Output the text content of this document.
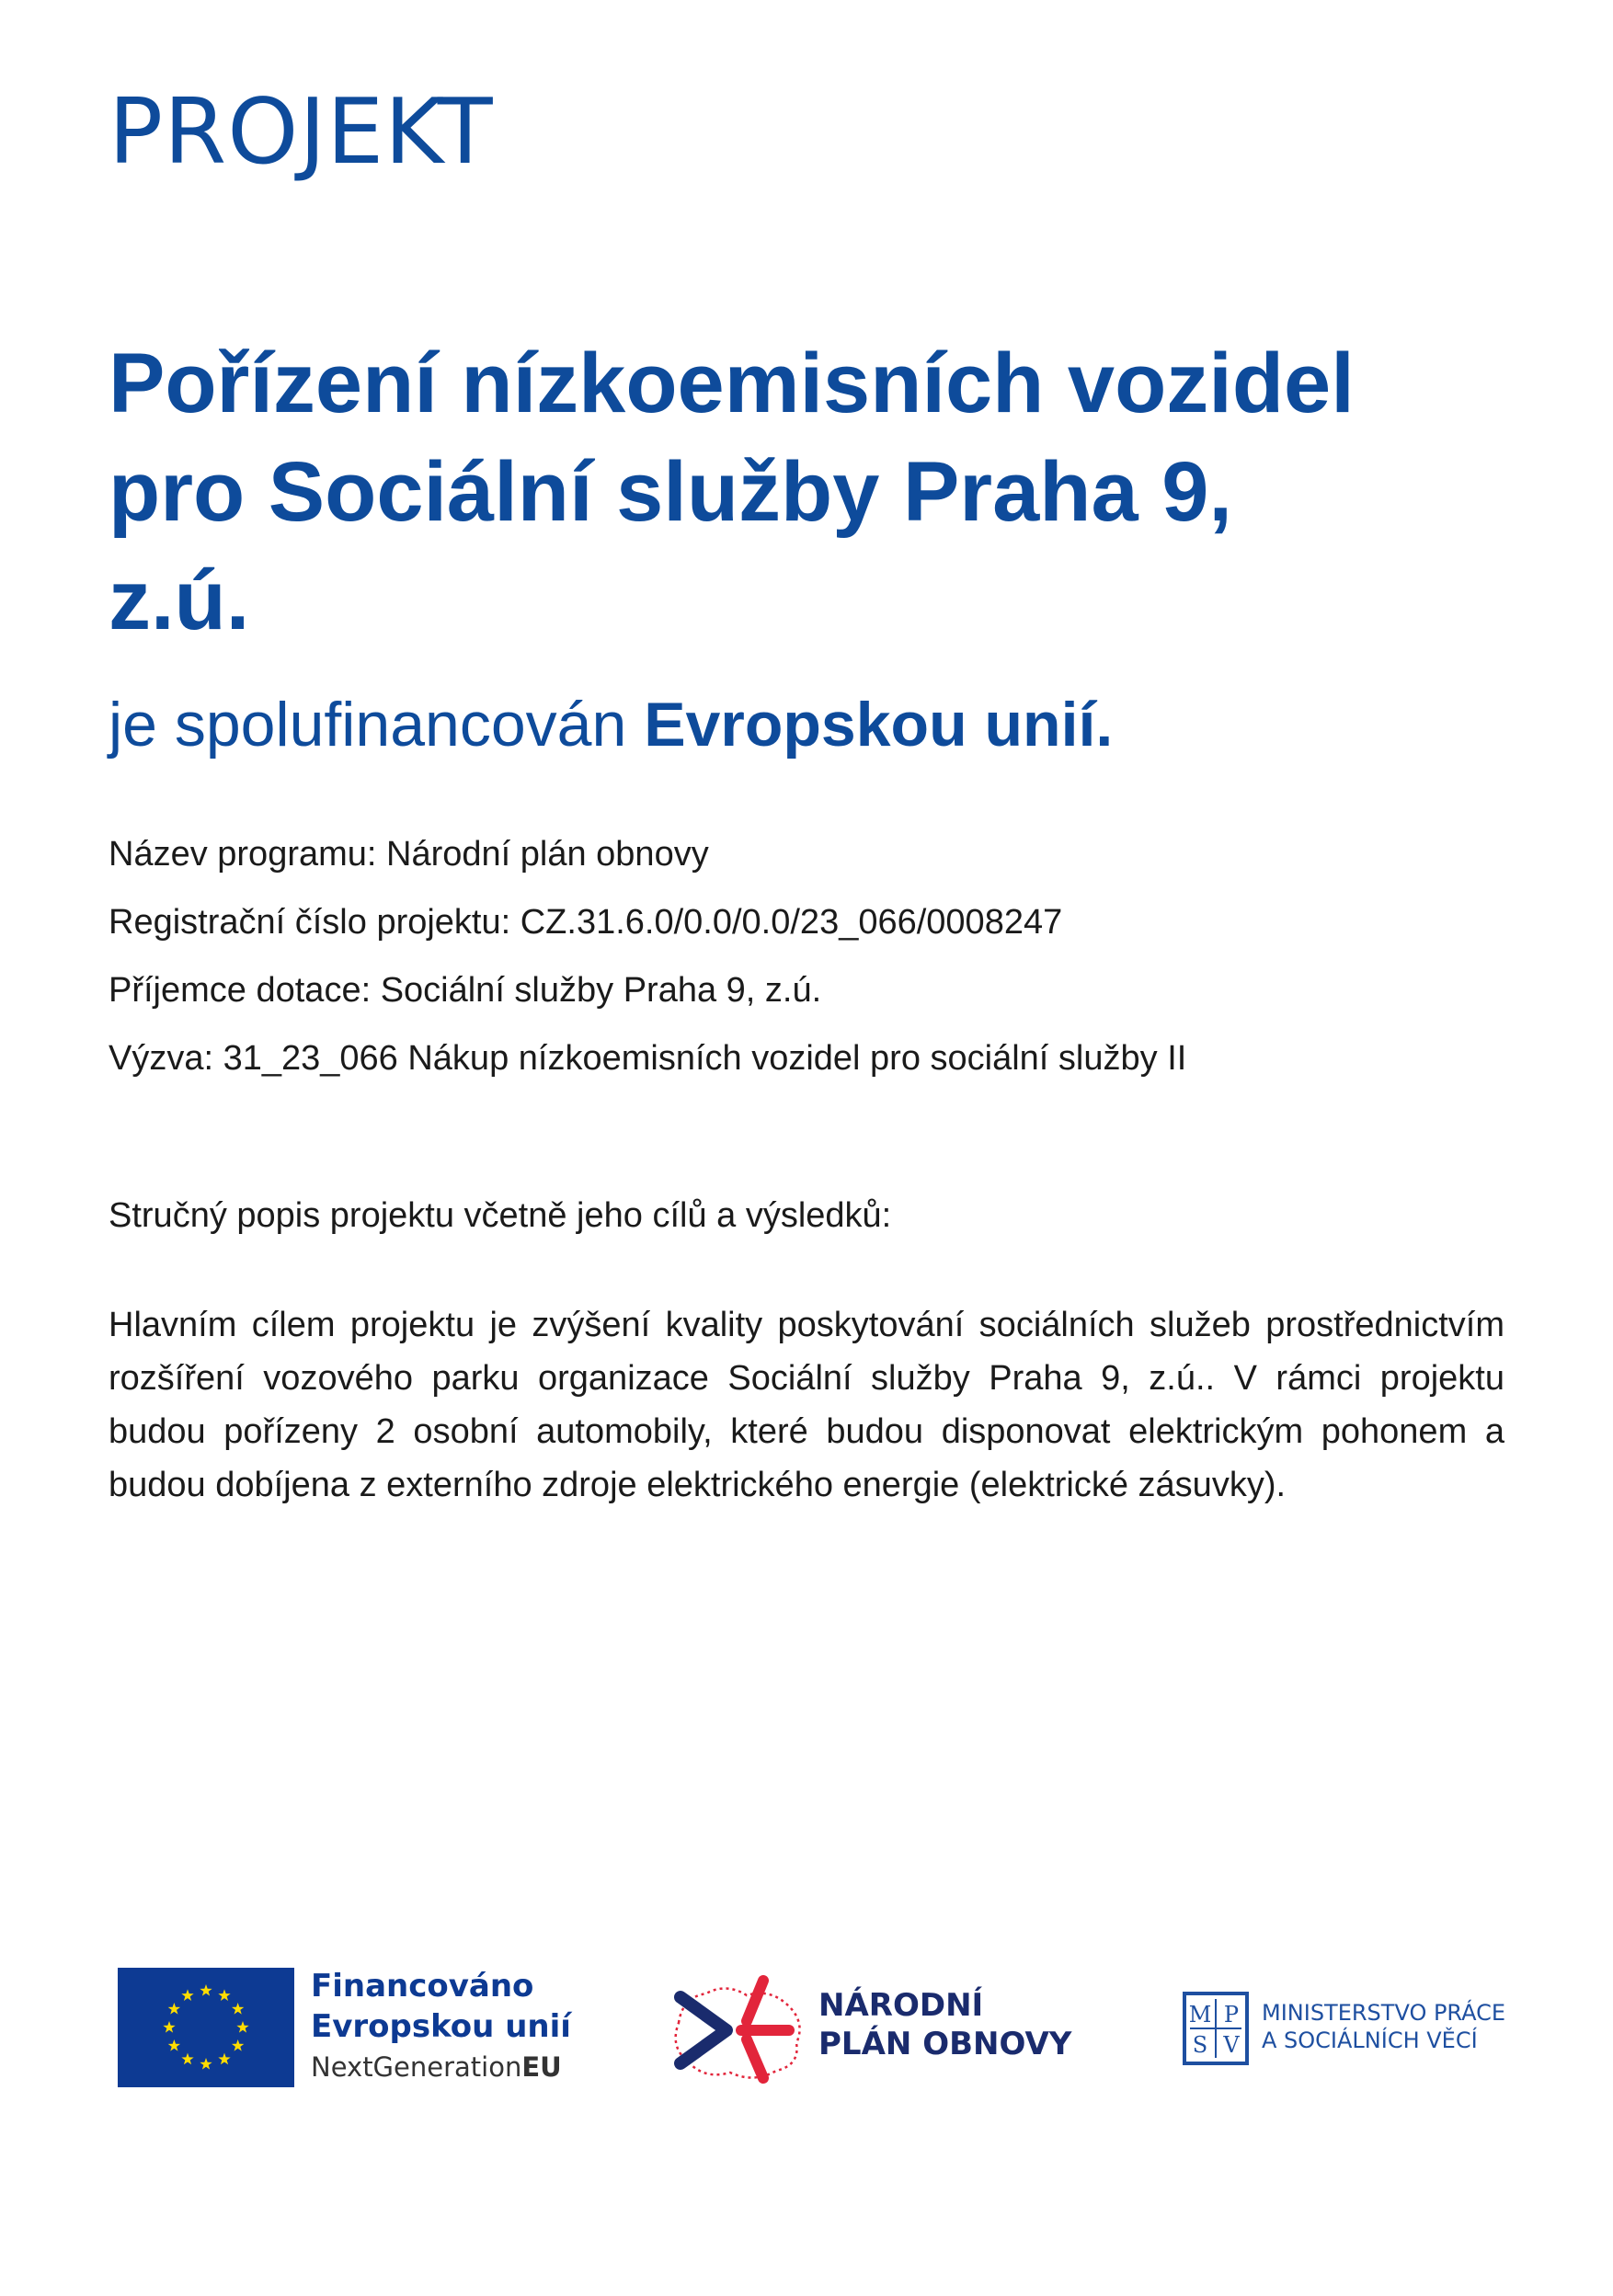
PROJEKT
Pořízení nízkoemisních vozidel
pro Sociální služby Praha 9,
z.ú.
je spolufinancován Evropskou unií.
Název programu: Národní plán obnovy
Registrační číslo projektu: CZ.31.6.0/0.0/0.0/23_066/0008247
Příjemce dotace: Sociální služby Praha 9, z.ú.
Výzva: 31_23_066 Nákup nízkoemisních vozidel pro sociální služby II
Stručný popis projektu včetně jeho cílů a výsledků:
Hlavním cílem projektu je zvýšení kvality poskytování sociálních služeb prostřednictvím rozšíření vozového parku organizace Sociální služby Praha 9, z.ú.. V rámci projektu budou pořízeny 2 osobní automobily, které budou disponovat elektrickým pohonem a budou dobíjena z externího zdroje elektrického energie (elektrické zásuvky).
Financováno
Evropskou unií
NextGenerationEU
NÁRODNÍ
PLÁN OBNOVY
M P
S V
MINISTERSTVO PRÁCE
A SOCIÁLNÍCH VĚCÍ
